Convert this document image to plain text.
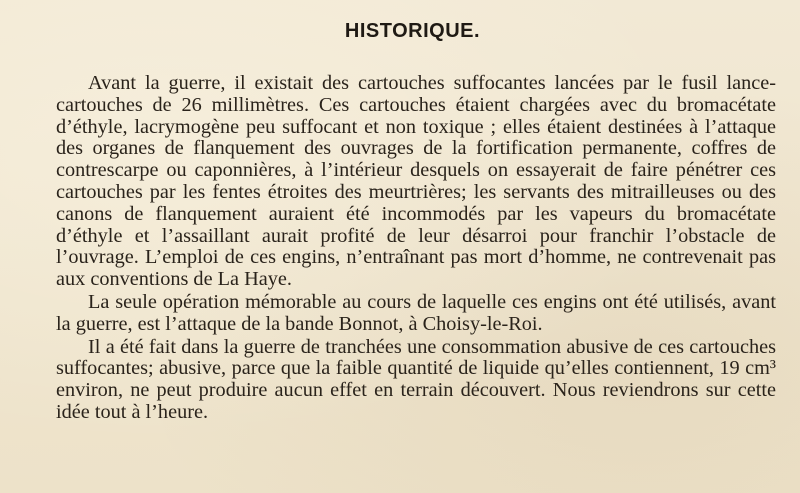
HISTORIQUE.

Avant la guerre, il existait des cartouches suffocantes lancées par le fusil lance-cartouches de 26 millimètres. Ces cartouches étaient chargées avec du bromacétate d’éthyle, lacrymogène peu suffocant et non toxique ; elles étaient destinées à l’attaque des organes de flanquement des ouvrages de la fortification permanente, coffres de contrescarpe ou caponnières, à l’intérieur desquels on essayerait de faire pénétrer ces cartouches par les fentes étroites des meurtrières; les servants des mitrailleuses ou des canons de flanquement auraient été incommodés par les vapeurs du bromacétate d’éthyle et l’assaillant aurait profité de leur désarroi pour franchir l’obstacle de l’ouvrage. L’emploi de ces engins, n’entraînant pas mort d’homme, ne contrevenait pas aux conventions de La Haye.

La seule opération mémorable au cours de laquelle ces engins ont été utilisés, avant la guerre, est l’attaque de la bande Bonnot, à Choisy-le-Roi.

Il a été fait dans la guerre de tranchées une consommation abusive de ces cartouches suffocantes; abusive, parce que la faible quantité de liquide qu’elles contiennent, 19 cm³ environ, ne peut produire aucun effet en terrain découvert. Nous reviendrons sur cette idée tout à l’heure.
